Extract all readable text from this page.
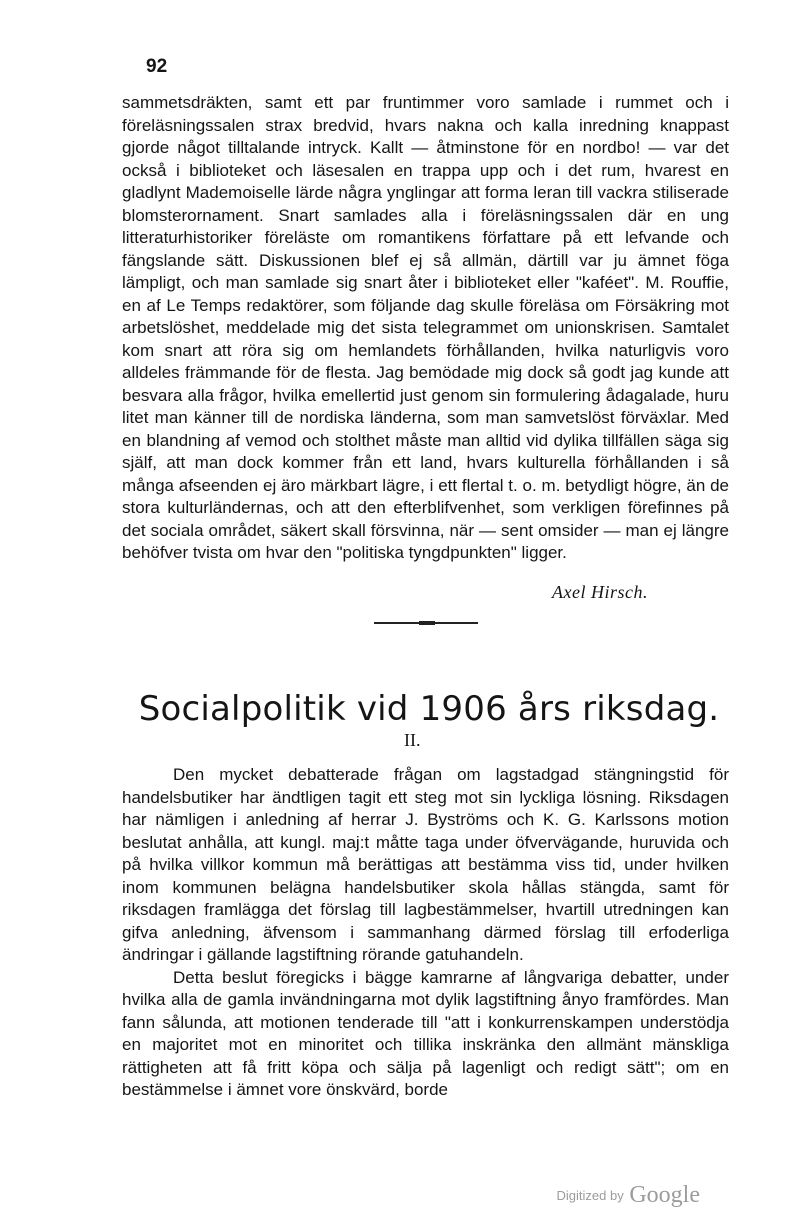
92

sammetsdräkten, samt ett par fruntimmer voro samlade i rummet och i föreläsningssalen strax bredvid, hvars nakna och kalla inredning knappast gjorde något tilltalande intryck. Kallt — åtminstone för en nordbo! — var det också i biblioteket och läsesalen en trappa upp och i det rum, hvarest en gladlynt Mademoiselle lärde några ynglingar att forma leran till vackra stiliserade blomsterornament. Snart samlades alla i föreläsningssalen där en ung litteraturhistoriker föreläste om romantikens författare på ett lefvande och fängslande sätt. Diskussionen blef ej så allmän, därtill var ju ämnet föga lämpligt, och man samlade sig snart åter i biblioteket eller "kaféet". M. Rouffie, en af Le Temps redaktörer, som följande dag skulle föreläsa om Försäkring mot arbetslöshet, meddelade mig det sista telegrammet om unionskrisen. Samtalet kom snart att röra sig om hemlandets förhållanden, hvilka naturligvis voro alldeles främmande för de flesta. Jag bemödade mig dock så godt jag kunde att besvara alla frågor, hvilka emellertid just genom sin formulering ådagalade, huru litet man känner till de nordiska länderna, som man samvetslöst förväxlar. Med en blandning af vemod och stolthet måste man alltid vid dylika tillfällen säga sig själf, att man dock kommer från ett land, hvars kulturella förhållanden i så många afseenden ej äro märkbart lägre, i ett flertal t. o. m. betydligt högre, än de stora kulturländernas, och att den efterblifvenhet, som verkligen förefinnes på det sociala området, säkert skall försvinna, när — sent omsider — man ej längre behöfver tvista om hvar den "politiska tyngdpunkten" ligger.

Axel Hirsch.
Socialpolitik vid 1906 års riksdag.
II.

Den mycket debatterade frågan om lagstadgad stängningstid för handelsbutiker har ändtligen tagit ett steg mot sin lyckliga lösning. Riksdagen har nämligen i anledning af herrar J. Byströms och K. G. Karlssons motion beslutat anhålla, att kungl. maj:t måtte taga under öfvervägande, huruvida och på hvilka villkor kommun må berättigas att bestämma viss tid, under hvilken inom kommunen belägna handelsbutiker skola hållas stängda, samt för riksdagen framlägga det förslag till lagbestämmelser, hvartill utredningen kan gifva anledning, äfvensom i sammanhang därmed förslag till erfoderliga ändringar i gällande lagstiftning rörande gatuhandeln.

Detta beslut föregicks i bägge kamrarne af långvariga debatter, under hvilka alla de gamla invändningarna mot dylik lagstiftning ånyo framfördes. Man fann sålunda, att motionen tenderade till "att i konkurrenskampen understödja en majoritet mot en minoritet och tillika inskränka den allmänt mänskliga rättigheten att få fritt köpa och sälja på lagenligt och redigt sätt"; om en bestämmelse i ämnet vore önskvärd, borde

Digitized by Google
